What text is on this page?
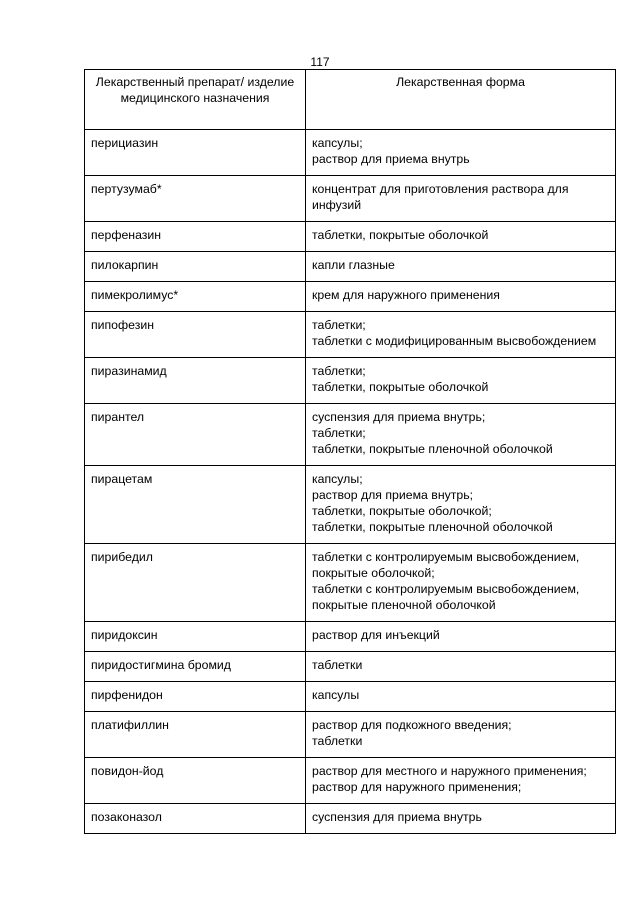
117
Лекарственный препарат/ изделие медицинского назначения	Лекарственная форма
перициазин	капсулы;
раствор для приема внутрь

пертузумаб*	концентрат для приготовления раствора для инфузий

перфеназин	таблетки, покрытые оболочкой

пилокарпин	капли глазные

пимекролимус*	крем для наружного применения

пипофезин	таблетки;
таблетки с модифицированным высвобождением

пиразинамид	таблетки;
таблетки, покрытые оболочкой

пирантел	суспензия для приема внутрь;
таблетки;
таблетки, покрытые пленочной оболочкой

пирацетам	капсулы;
раствор для приема внутрь;
таблетки, покрытые оболочкой;
таблетки, покрытые пленочной оболочкой

пирибедил	таблетки с контролируемым высвобождением, покрытые оболочкой;
таблетки с контролируемым высвобождением, покрытые пленочной оболочкой

пиридоксин	раствор для инъекций

пиридостигмина бромид	таблетки

пирфенидон	капсулы

платифиллин	раствор для подкожного введения;
таблетки

повидон-йод	раствор для местного и наружного применения;
раствор для наружного применения;

позаконазол	суспензия для приема внутрь
